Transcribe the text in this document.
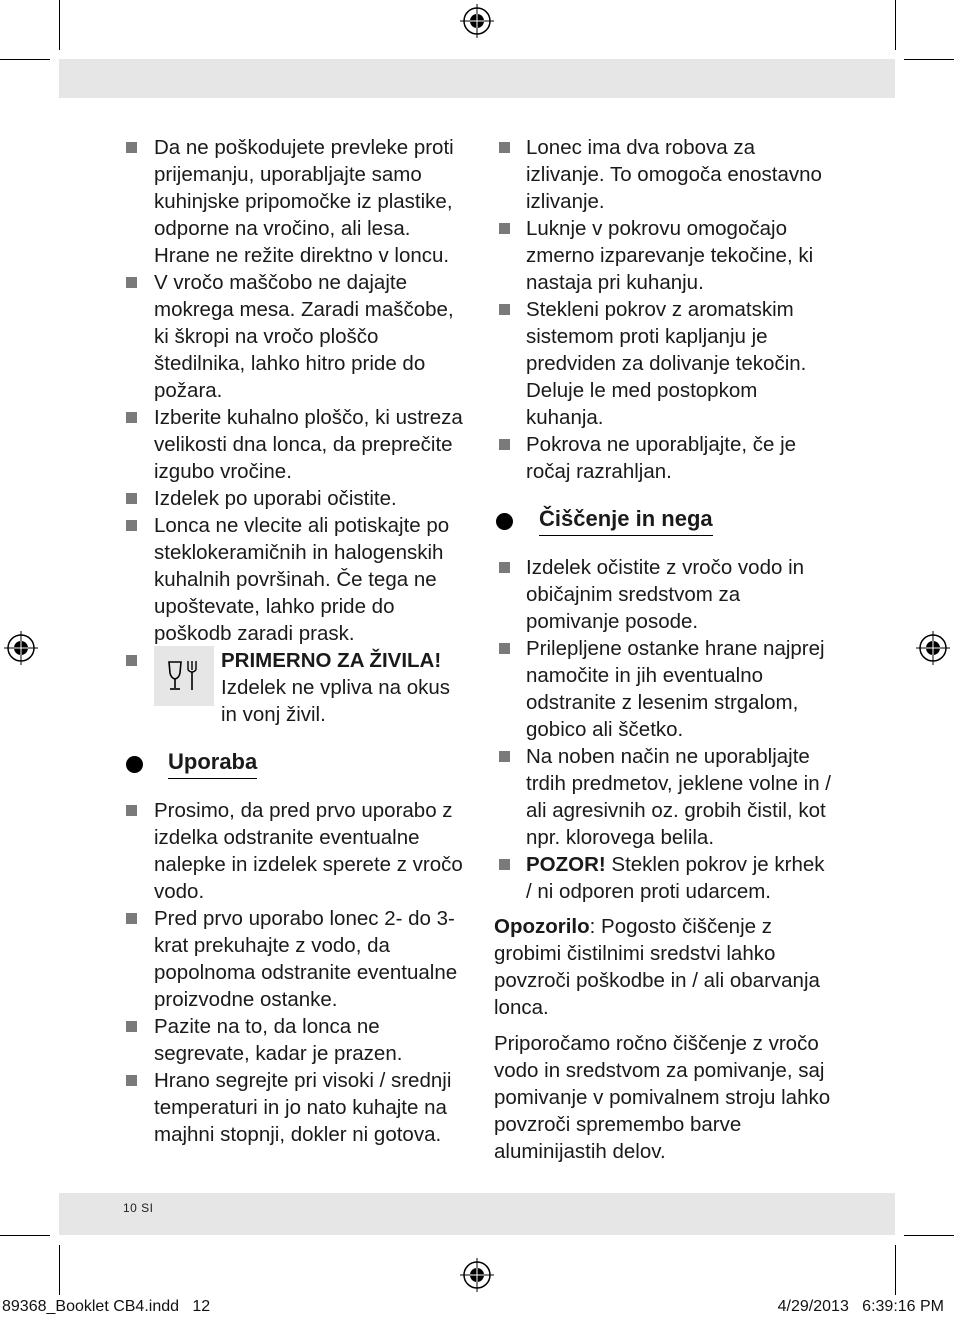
Da ne poškodujete prevleke proti prijemanju, uporabljajte samo kuhinjske pripomočke iz plastike, odporne na vročino, ali lesa. Hrane ne režite direktno v loncu.
V vročo maščobo ne dajajte mokrega mesa. Zaradi maščobe, ki škropi na vročo ploščo štedilnika, lahko hitro pride do požara.
Izberite kuhalno ploščo, ki ustreza velikosti dna lonca, da preprečite izgubo vročine.
Izdelek po uporabi očistite.
Lonca ne vlecite ali potiskajte po steklokeramičnih in halogenskih kuhalnih površinah. Če tega ne upoštevate, lahko pride do poškodb zaradi prask.
PRIMERNO ZA ŽIVILA!
Izdelek ne vpliva na okus in vonj živil.
Uporaba
Prosimo, da pred prvo uporabo z izdelka odstranite eventualne nalepke in izdelek sperete z vročo vodo.
Pred prvo uporabo lonec 2- do 3-krat prekuhajte z vodo, da popolnoma odstranite eventualne proizvodne ostanke.
Pazite na to, da lonca ne segrevate, kadar je prazen.
Hrano segrejte pri visoki / srednji temperaturi in jo nato kuhajte na majhni stopnji, dokler ni gotova.
Lonec ima dva robova za izlivanje. To omogoča enostavno izlivanje.
Luknje v pokrovu omogočajo zmerno izparevanje tekočine, ki nastaja pri kuhanju.
Stekleni pokrov z aromatskim sistemom proti kapljanju je predviden za dolivanje tekočin. Deluje le med postopkom kuhanja.
Pokrova ne uporabljajte, če je ročaj razrahljan.
Čiščenje in nega
Izdelek očistite z vročo vodo in običajnim sredstvom za pomivanje posode.
Prilepljene ostanke hrane najprej namočite in jih eventualno odstranite z lesenim strgalom, gobico ali ščetko.
Na noben način ne uporabljajte trdih predmetov, jeklene volne in / ali agresivnih oz. grobih čistil, kot npr. klorovega belila.
POZOR! Steklen pokrov je krhek / ni odporen proti udarcem.

Opozorilo: Pogosto čiščenje z grobimi čistilnimi sredstvi lahko povzroči poškodbe in / ali obarvanja lonca.

Priporočamo ročno čiščenje z vročo vodo in sredstvom za pomivanje, saj pomivanje v pomivalnem stroju lahko povzroči spremembo barve aluminijastih delov.

10 SI
89368_Booklet CB4.indd   12	4/29/2013   6:39:16 PM
